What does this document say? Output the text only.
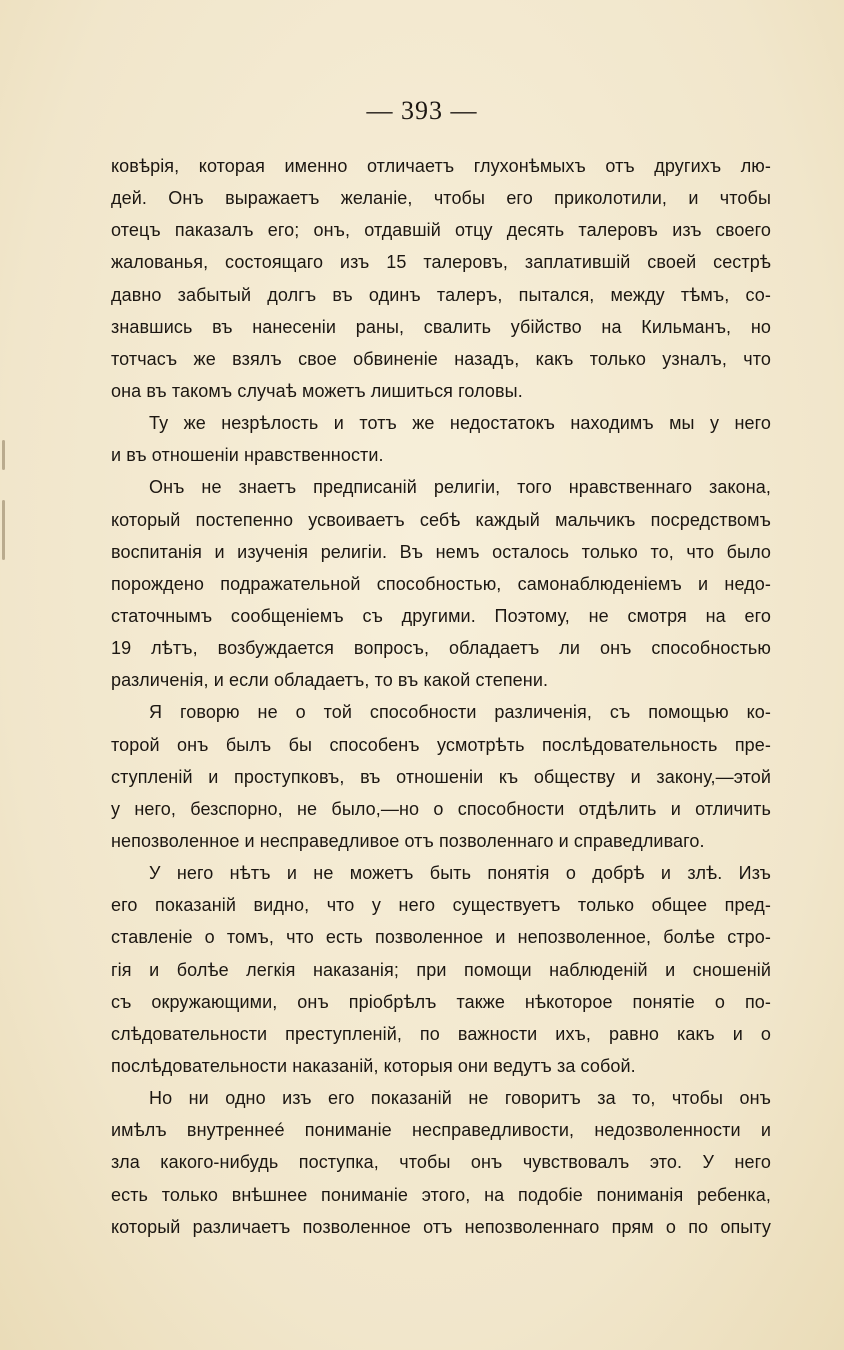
— 393 —
ковѣрія, которая именно отличаетъ глухонѣмыхъ отъ другихъ лю-
дей. Онъ выражаетъ желаніе, чтобы его приколотили, и чтобы
отецъ паказалъ его; онъ, отдавшій отцу десять талеровъ изъ своего
жалованья, состоящаго изъ 15 талеровъ, заплатившій своей сестрѣ
давно забытый долгъ въ одинъ талеръ, пытался, между тѣмъ, со-
знавшись въ нанесеніи раны, свалить убійство на Кильманъ, но
тотчасъ же взялъ свое обвиненіе назадъ, какъ только узналъ, что
она въ такомъ случаѣ можетъ лишиться головы.
Ту же незрѣлость и тотъ же недостатокъ находимъ мы у него
и въ отношеніи нравственности.
Онъ не знаетъ предписаній религіи, того нравственнаго закона,
который постепенно усвоиваетъ себѣ каждый мальчикъ посредствомъ
воспитанія и изученія религіи. Въ немъ осталось только то, что было
порождено подражательной способностью, самонаблюденіемъ и недо-
статочнымъ сообщеніемъ съ другими. Поэтому, не смотря на его
19 лѣтъ, возбуждается вопросъ, обладаетъ ли онъ способностью
различенія, и если обладаетъ, то въ какой степени.
Я говорю не о той способности различенія, съ помощью ко-
торой онъ былъ бы способенъ усмотрѣть послѣдовательность пре-
ступленій и проступковъ, въ отношеніи къ обществу и закону,—этой
у него, безспорно, не было,—но о способности отдѣлить и отличить
непозволенное и несправедливое отъ позволеннаго и справедливаго.
У него нѣтъ и не можетъ быть понятія о добрѣ и злѣ. Изъ
его показаній видно, что у него существуетъ только общее пред-
ставленіе о томъ, что есть позволенное и непозволенное, болѣе стро-
гія и болѣе легкія наказанія; при помощи наблюденій и сношеній
съ окружающими, онъ пріобрѣлъ также нѣкоторое понятіе о по-
слѣдовательности преступленій, по важности ихъ, равно какъ и о
послѣдовательности наказаній, которыя они ведутъ за собой.
Но ни одно изъ его показаній не говоритъ за то, чтобы онъ
имѣлъ внутреннеé пониманіе несправедливости, недозволенности и
зла какого-нибудь поступка, чтобы онъ чувствовалъ это. У него
есть только внѣшнее пониманіе этого, на подобіе пониманія ребенка,
который различаетъ позволенное отъ непозволеннаго прям о по опыту
